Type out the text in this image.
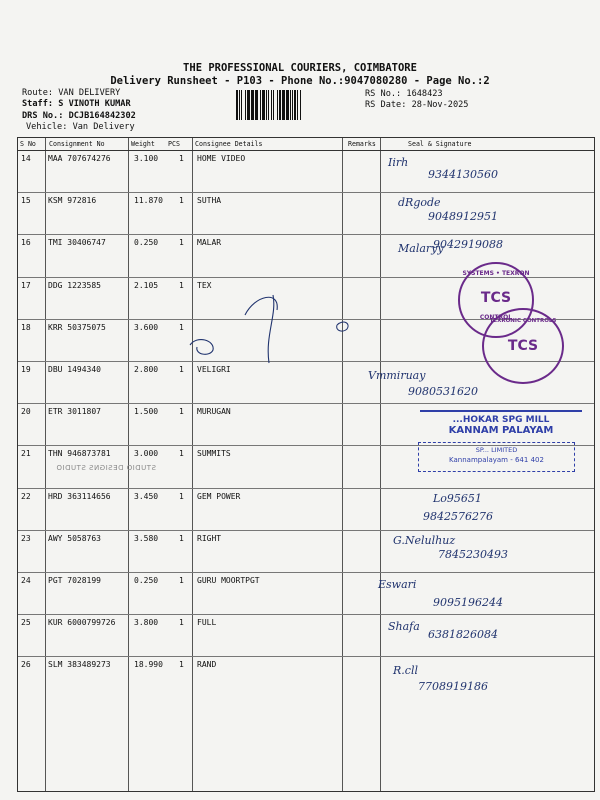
THE PROFESSIONAL COURIERS, COIMBATORE
Delivery Runsheet - P103 - Phone No.:9047080280 - Page No.:2
Route: VAN DELIVERY
Staff: S VINOTH KUMAR
DRS No.: DCJB164842302
Vehicle: Van Delivery
RS No.: 1648423
RS Date: 28-Nov-2025
S No Consignment No	Weight PCS Consignee Details	Remarks	Seal & Signature
14 MAA 707674276	3.100	1 HOME VIDEO	Iirh
9344130560
15 KSM 972816	11.870 1 SUTHA	dRgode
9048912951
16 TMI 30406747	0.250	1 MALAR	Malaryy
9042919088
17 DDG 1223585	2.105	1 TEX
18 KRR 50375075	3.600	1
19 DBU 1494340	2.800	1 VELIGRI	Vmmiruay
9080531620
20 ETR 3011807	1.500	1 MURUGAN
21 THN 946873781	3.000	1 SUMMITS
22 HRD 363114656	3.450	1 GEM POWER	Lo95651
9842576276
23 AWY 5058763	3.580	1 RIGHT	G.Nelulhuz
7845230493
24 PGT 7028199	0.250	1 GURU MOORTPGT	Eswari
9095196244
25 KUR 6000799726 3.800	1 FULL	Shafa
6381826084
26 SLM 383489273	18.990 1 RAND	R.cll
7708919186
SYSTEMS • TEXRON
TCS
CONTROL
TEXRONIC CONTROLS
TCS
...HOKAR SPG MILL
KANNAM PALAYAM
SP... LIMITED
Kannampalayam - 641 402
STUDIO DESIGNS STUDIO
